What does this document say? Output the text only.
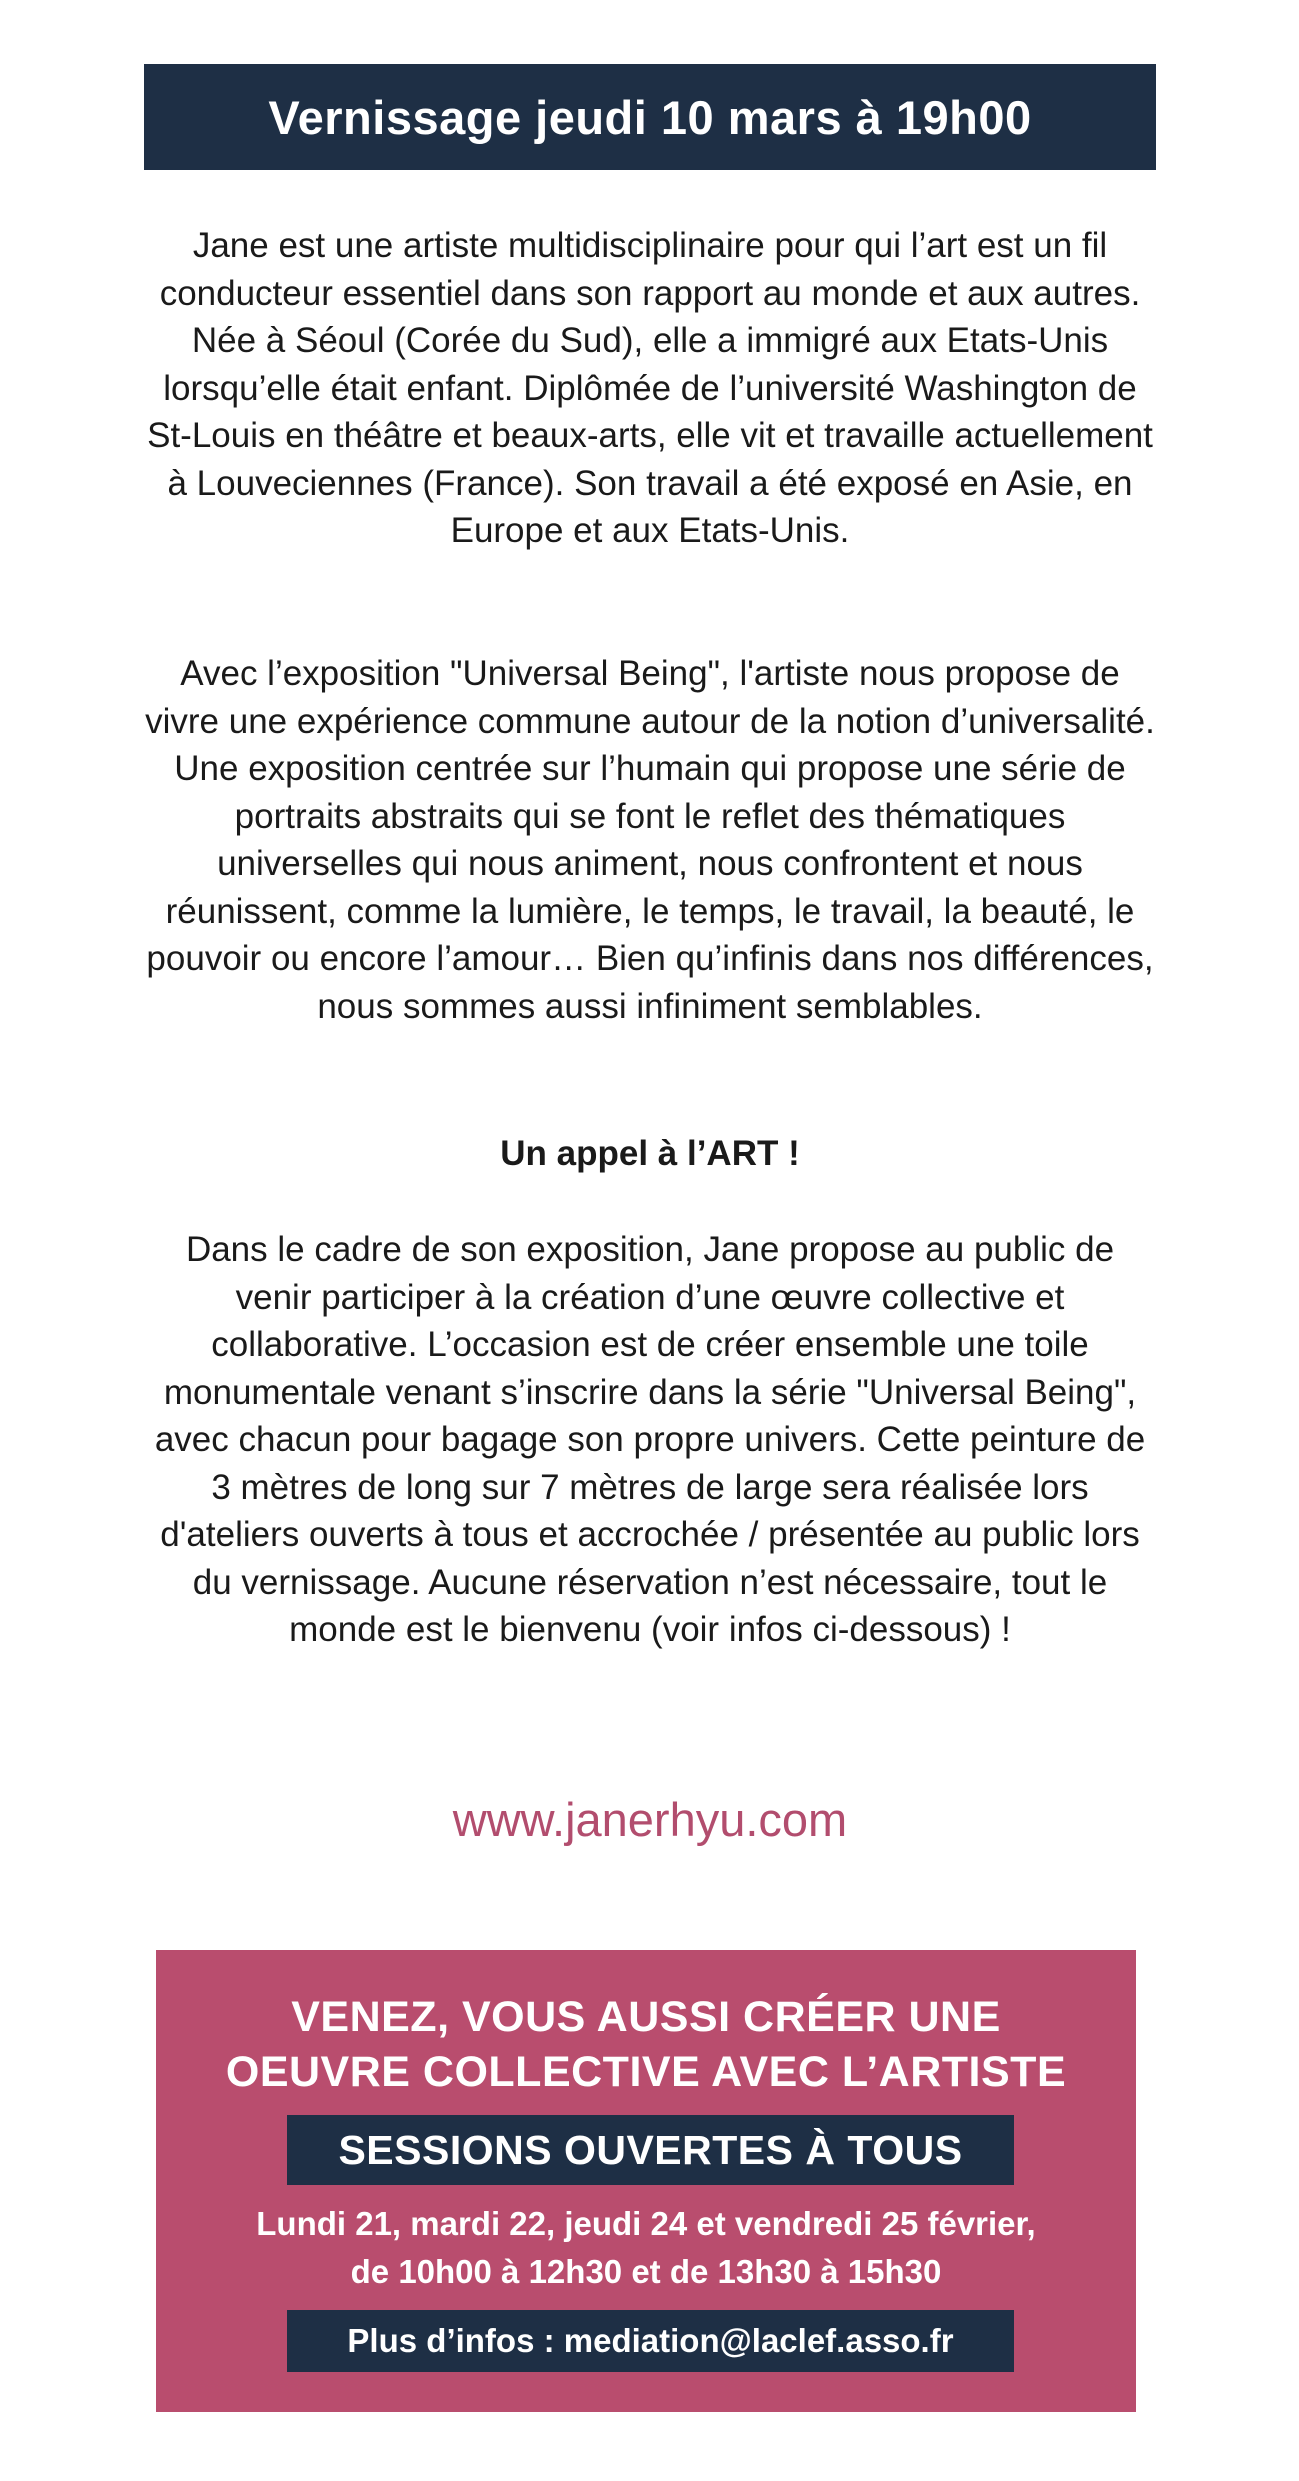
Vernissage jeudi 10 mars à 19h00

Jane est une artiste multidisciplinaire pour qui l’art est un fil conducteur essentiel dans son rapport au monde et aux autres. Née à Séoul (Corée du Sud), elle a immigré aux Etats-Unis lorsqu’elle était enfant. Diplômée de l’université Washington de St-Louis en théâtre et beaux-arts, elle vit et travaille actuellement à Louveciennes (France). Son travail a été exposé en Asie, en Europe et aux Etats-Unis.

Avec l’exposition "Universal Being", l'artiste nous propose de vivre une expérience commune autour de la notion d’universalité. Une exposition centrée sur l’humain qui propose une série de portraits abstraits qui se font le reflet des thématiques universelles qui nous animent, nous confrontent et nous réunissent, comme la lumière, le temps, le travail, la beauté, le pouvoir ou encore l’amour… Bien qu’infinis dans nos différences, nous sommes aussi infiniment semblables.

Un appel à l’ART !

Dans le cadre de son exposition, Jane propose au public de venir participer à la création d’une œuvre collective et collaborative. L’occasion est de créer ensemble une toile monumentale venant s’inscrire dans la série "Universal Being", avec chacun pour bagage son propre univers. Cette peinture de 3 mètres de long sur 7 mètres de large sera réalisée lors d'ateliers ouverts à tous et accrochée / présentée au public lors du vernissage. Aucune réservation n’est nécessaire, tout le monde est le bienvenu (voir infos ci-dessous) !

www.janerhyu.com

VENEZ, VOUS AUSSI CRÉER UNE
OEUVRE COLLECTIVE AVEC L’ARTISTE
SESSIONS OUVERTES À TOUS
Lundi 21, mardi 22, jeudi 24 et vendredi 25 février,
de 10h00 à 12h30 et de 13h30 à 15h30
Plus d’infos : mediation@laclef.asso.fr
